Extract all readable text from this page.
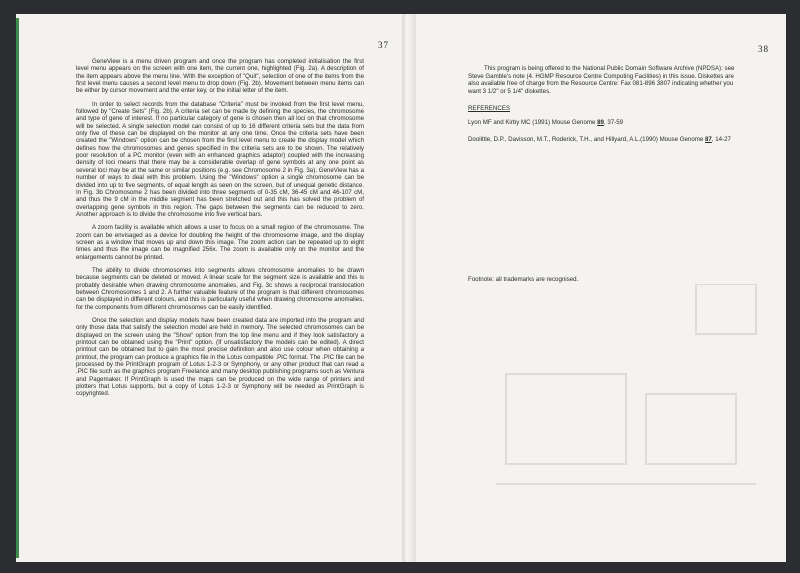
37

GeneView is a menu driven program and once the program has completed initialisation the first level menu appears on the screen with one item, the current one, highlighted (Fig. 2a). A description of the item appears above the menu line. With the exception of "Quit", selection of one of the items from the first level menu causes a second level menu to drop down (Fig. 2b). Movement between menu items can be either by cursor movement and the enter key, or the initial letter of the item.

In order to select records from the database "Criteria" must be invoked from the first level menu, followed by "Create Sets" (Fig. 2b). A criteria set can be made by defining the species, the chromosome and type of gene of interest. If no particular category of gene is chosen then all loci on that chromosome will be selected. A single selection model can consist of up to 16 different criteria sets but the data from only five of these can be displayed on the monitor at any one time. Once the criteria sets have been created the "Windows" option can be chosen from the first level menu to create the display model which defines how the chromosomes and genes specified in the criteria sets are to be shown. The relatively poor resolution of a PC monitor (even with an enhanced graphics adaptor) coupled with the increasing density of loci means that there may be a considerable overlap of gene symbols at any one point as several loci may be at the same or similar positions (e.g. see Chromosome 2 in Fig. 3a). GeneView has a number of ways to deal with this problem. Using the "Windows" option a single chromosome can be divided into up to five segments, of equal length as seen on the screen, but of unequal genetic distance. In Fig. 3b Chromosome 2 has been divided into three segments of 0-35 cM, 36-45 cM and 46-107 cM, and thus the 9 cM in the middle segment has been stretched out and this has solved the problem of overlapping gene symbols in this region. The gaps between the segments can be reduced to zero. Another approach is to divide the chromosome into five vertical bars.

A zoom facility is available which allows a user to focus on a small region of the chromosome. The zoom can be envisaged as a device for doubling the height of the chromosome image, and the display screen as a window that moves up and down this image. The zoom action can be repeated up to eight times and thus the image can be magnified 256x. The zoom is available only on the monitor and the enlargements cannot be printed.

The ability to divide chromosomes into segments allows chromosome anomalies to be drawn because segments can be deleted or moved. A linear scale for the segment size is available and this is probably desirable when drawing chromosome anomalies, and Fig. 3c shows a reciprocal translocation between Chromosomes 1 and 2. A further valuable feature of the program is that different chromosomes can be displayed in different colours, and this is particularly useful when drawing chromosome anomalies, for the components from different chromosomes can be easily identified.

Once the selection and display models have been created data are imported into the program and only those data that satisfy the selection model are held in memory. The selected chromosomes can be displayed on the screen using the "Show" option from the top line menu and if they look satisfactory a printout can be obtained using the "Print" option. (If unsatisfactory the models can be edited). A direct printout can be obtained but to gain the most precise definition and also use colour when obtaining a printout, the program can produce a graphics file in the Lotus compatible .PIC format. The .PIC file can be processed by the PrintGraph program of Lotus 1-2-3 or Symphony, or any other product that can read a .PIC file such as the graphics program Freelance and many desktop publishing programs such as Ventura and Pagemaker. If PrintGraph is used the maps can be produced on the wide range of printers and plotters that Lotus supports, but a copy of Lotus 1-2-3 or Symphony will be needed as PrintGraph is copyrighted.

38

This program is being offered to the National Public Domain Software Archive (NPDSA): see Steve Gamble's note (4. HGMP Resource Centre Computing Facilities) in this issue. Diskettes are also available free of charge from the Resource Centre: Fax 081-896 3807 indicating whether you want 3 1/2" or 5 1/4" diskettes.

REFERENCES

Lyon MF and Kirby MC (1991) Mouse Genome 89, 37-59

Doolittle, D.P., Davisson, M.T., Roderick, T.H., and Hillyard, A.L.(1990) Mouse Genome 87, 14-27

Footnote: all trademarks are recognised.
